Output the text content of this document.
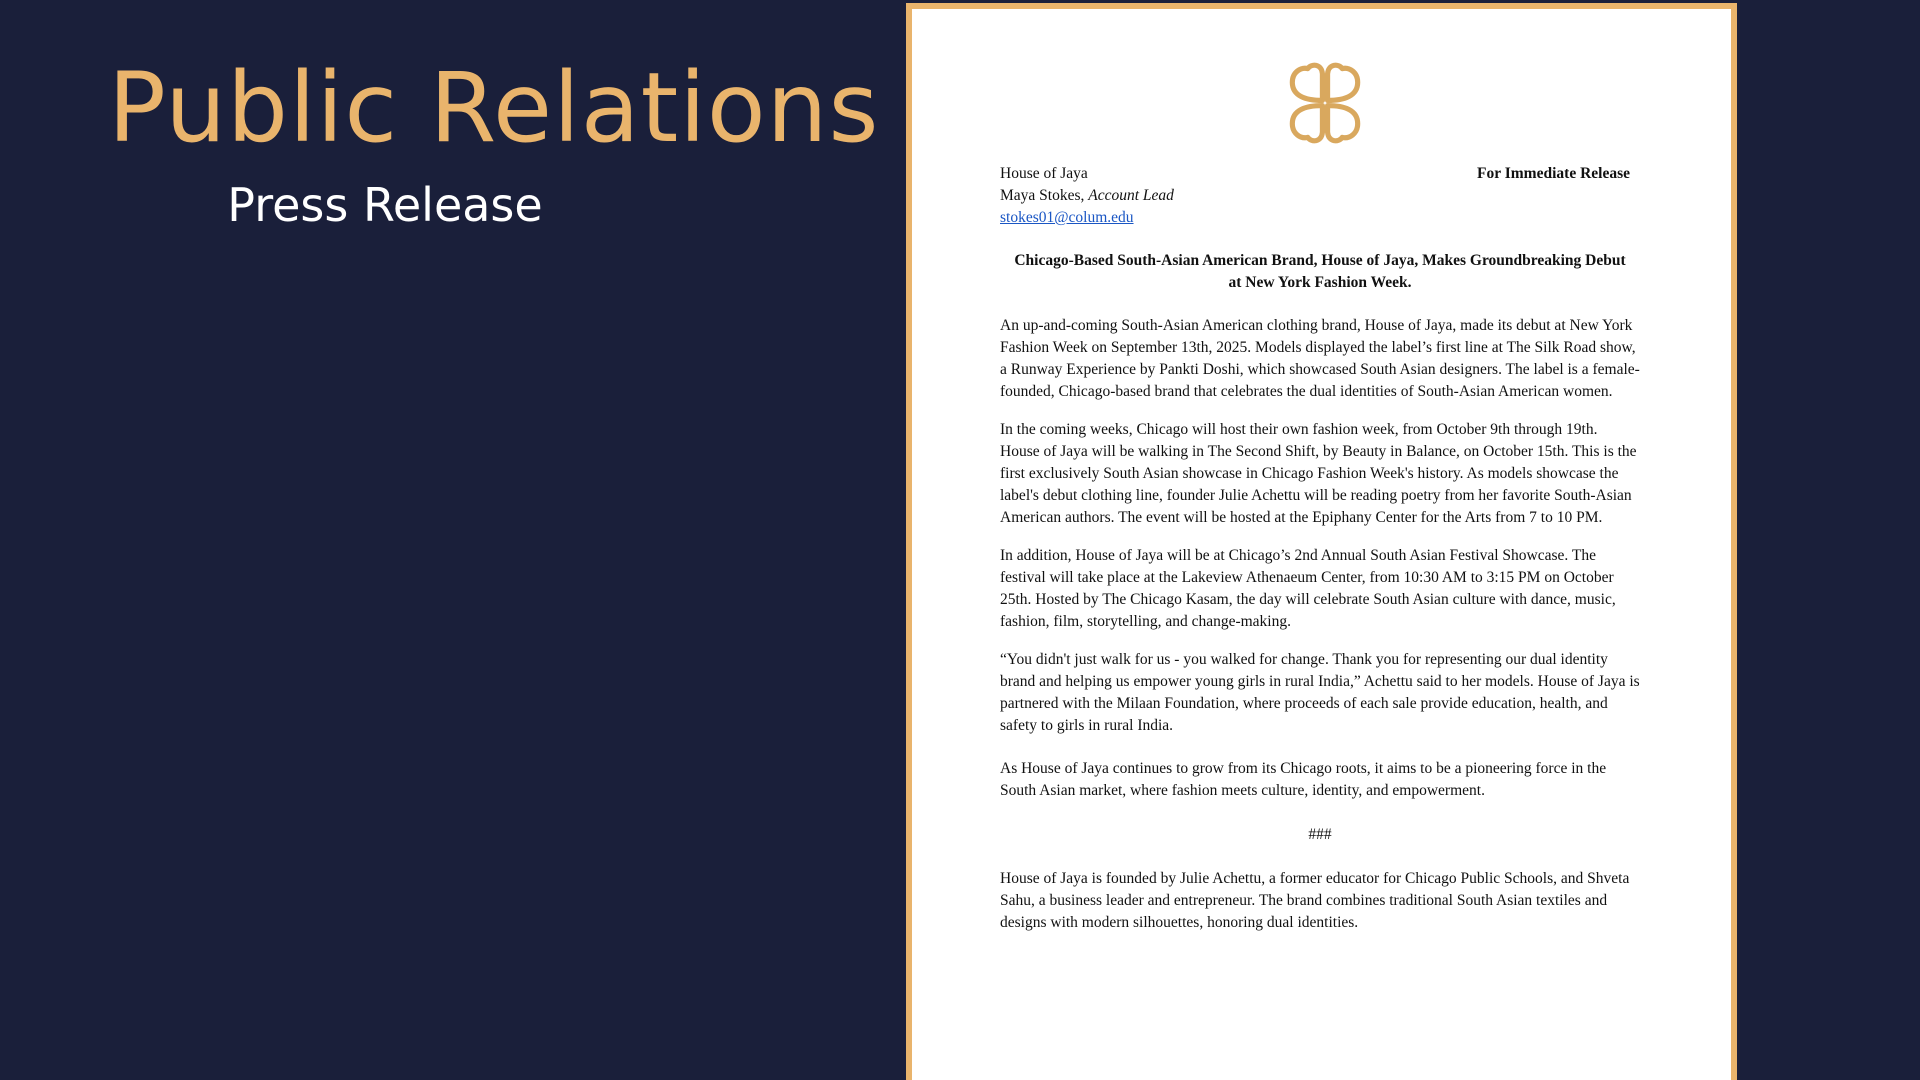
Public Relations
Press Release
House of Jaya
Maya Stokes, Account Lead
stokes01@colum.edu
For Immediate Release

Chicago-Based South-Asian American Brand, House of Jaya, Makes Groundbreaking Debut at New York Fashion Week.

An up-and-coming South-Asian American clothing brand, House of Jaya, made its debut at New York Fashion Week on September 13th, 2025. Models displayed the label’s first line at The Silk Road show, a Runway Experience by Pankti Doshi, which showcased South Asian designers. The label is a female-founded, Chicago-based brand that celebrates the dual identities of South-Asian American women.

In the coming weeks, Chicago will host their own fashion week, from October 9th through 19th. House of Jaya will be walking in The Second Shift, by Beauty in Balance, on October 15th. This is the first exclusively South Asian showcase in Chicago Fashion Week's history. As models showcase the label's debut clothing line, founder Julie Achettu will be reading poetry from her favorite South-Asian American authors. The event will be hosted at the Epiphany Center for the Arts from 7 to 10 PM.

In addition, House of Jaya will be at Chicago’s 2nd Annual South Asian Festival Showcase. The festival will take place at the Lakeview Athenaeum Center, from 10:30 AM to 3:15 PM on October 25th. Hosted by The Chicago Kasam, the day will celebrate South Asian culture with dance, music, fashion, film, storytelling, and change-making.

“You didn't just walk for us - you walked for change. Thank you for representing our dual identity brand and helping us empower young girls in rural India,” Achettu said to her models. House of Jaya is partnered with the Milaan Foundation, where proceeds of each sale provide education, health, and safety to girls in rural India.

As House of Jaya continues to grow from its Chicago roots, it aims to be a pioneering force in the South Asian market, where fashion meets culture, identity, and empowerment.

###

House of Jaya is founded by Julie Achettu, a former educator for Chicago Public Schools, and Shveta Sahu, a business leader and entrepreneur. The brand combines traditional South Asian textiles and designs with modern silhouettes, honoring dual identities.
